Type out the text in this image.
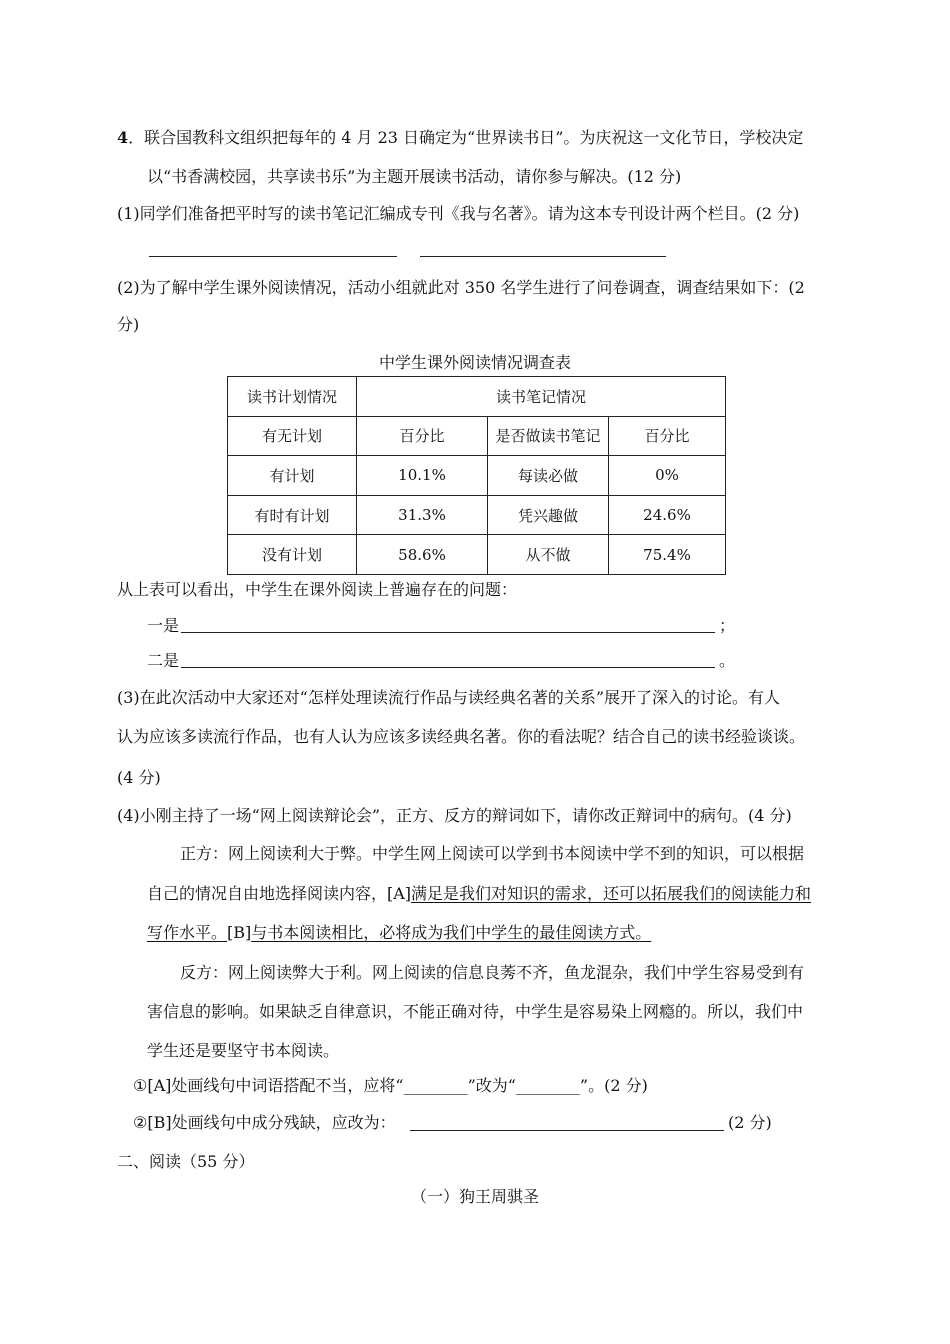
4．联合国教科文组织把每年的 4 月 23 日确定为“世界读书日”。为庆祝这一文化节日，学校决定
以“书香满校园，共享读书乐”为主题开展读书活动，请你参与解决。(12 分)
(1)同学们准备把平时写的读书笔记汇编成专刊《我与名著》。请为这本专刊设计两个栏目。(2 分)
(2)为了解中学生课外阅读情况，活动小组就此对 350 名学生进行了问卷调查，调查结果如下：(2
分)
中学生课外阅读情况调查表
读书计划情况	读书笔记情况		
有无计划	百分比	是否做读书笔记	百分比
有计划	10.1%	每读必做	0%
有时有计划	31.3%	凭兴趣做	24.6%
没有计划	58.6%	从不做	75.4%
从上表可以看出，中学生在课外阅读上普遍存在的问题：
一是	；
二是	。
(3)在此次活动中大家还对“怎样处理读流行作品与读经典名著的关系”展开了深入的讨论。有人
认为应该多读流行作品，也有人认为应该多读经典名著。你的看法呢？结合自己的读书经验谈谈。
(4 分)
(4)小刚主持了一场“网上阅读辩论会”，正方、反方的辩词如下，请你改正辩词中的病句。(4 分)
正方：网上阅读利大于弊。中学生网上阅读可以学到书本阅读中学不到的知识，可以根据
自己的情况自由地选择阅读内容，[A]满足是我们对知识的需求，还可以拓展我们的阅读能力和
写作水平。[B]与书本阅读相比，必将成为我们中学生的最佳阅读方式。
反方：网上阅读弊大于利。网上阅读的信息良莠不齐，鱼龙混杂，我们中学生容易受到有
害信息的影响。如果缺乏自律意识，不能正确对待，中学生是容易染上网瘾的。所以，我们中
学生还是要坚守书本阅读。
①[A]处画线句中词语搭配不当，应将“________”改为“________”。(2 分)
②[B]处画线句中成分残缺，应改为：	(2 分)
二、阅读（55 分）
（一）狗王周骐圣
